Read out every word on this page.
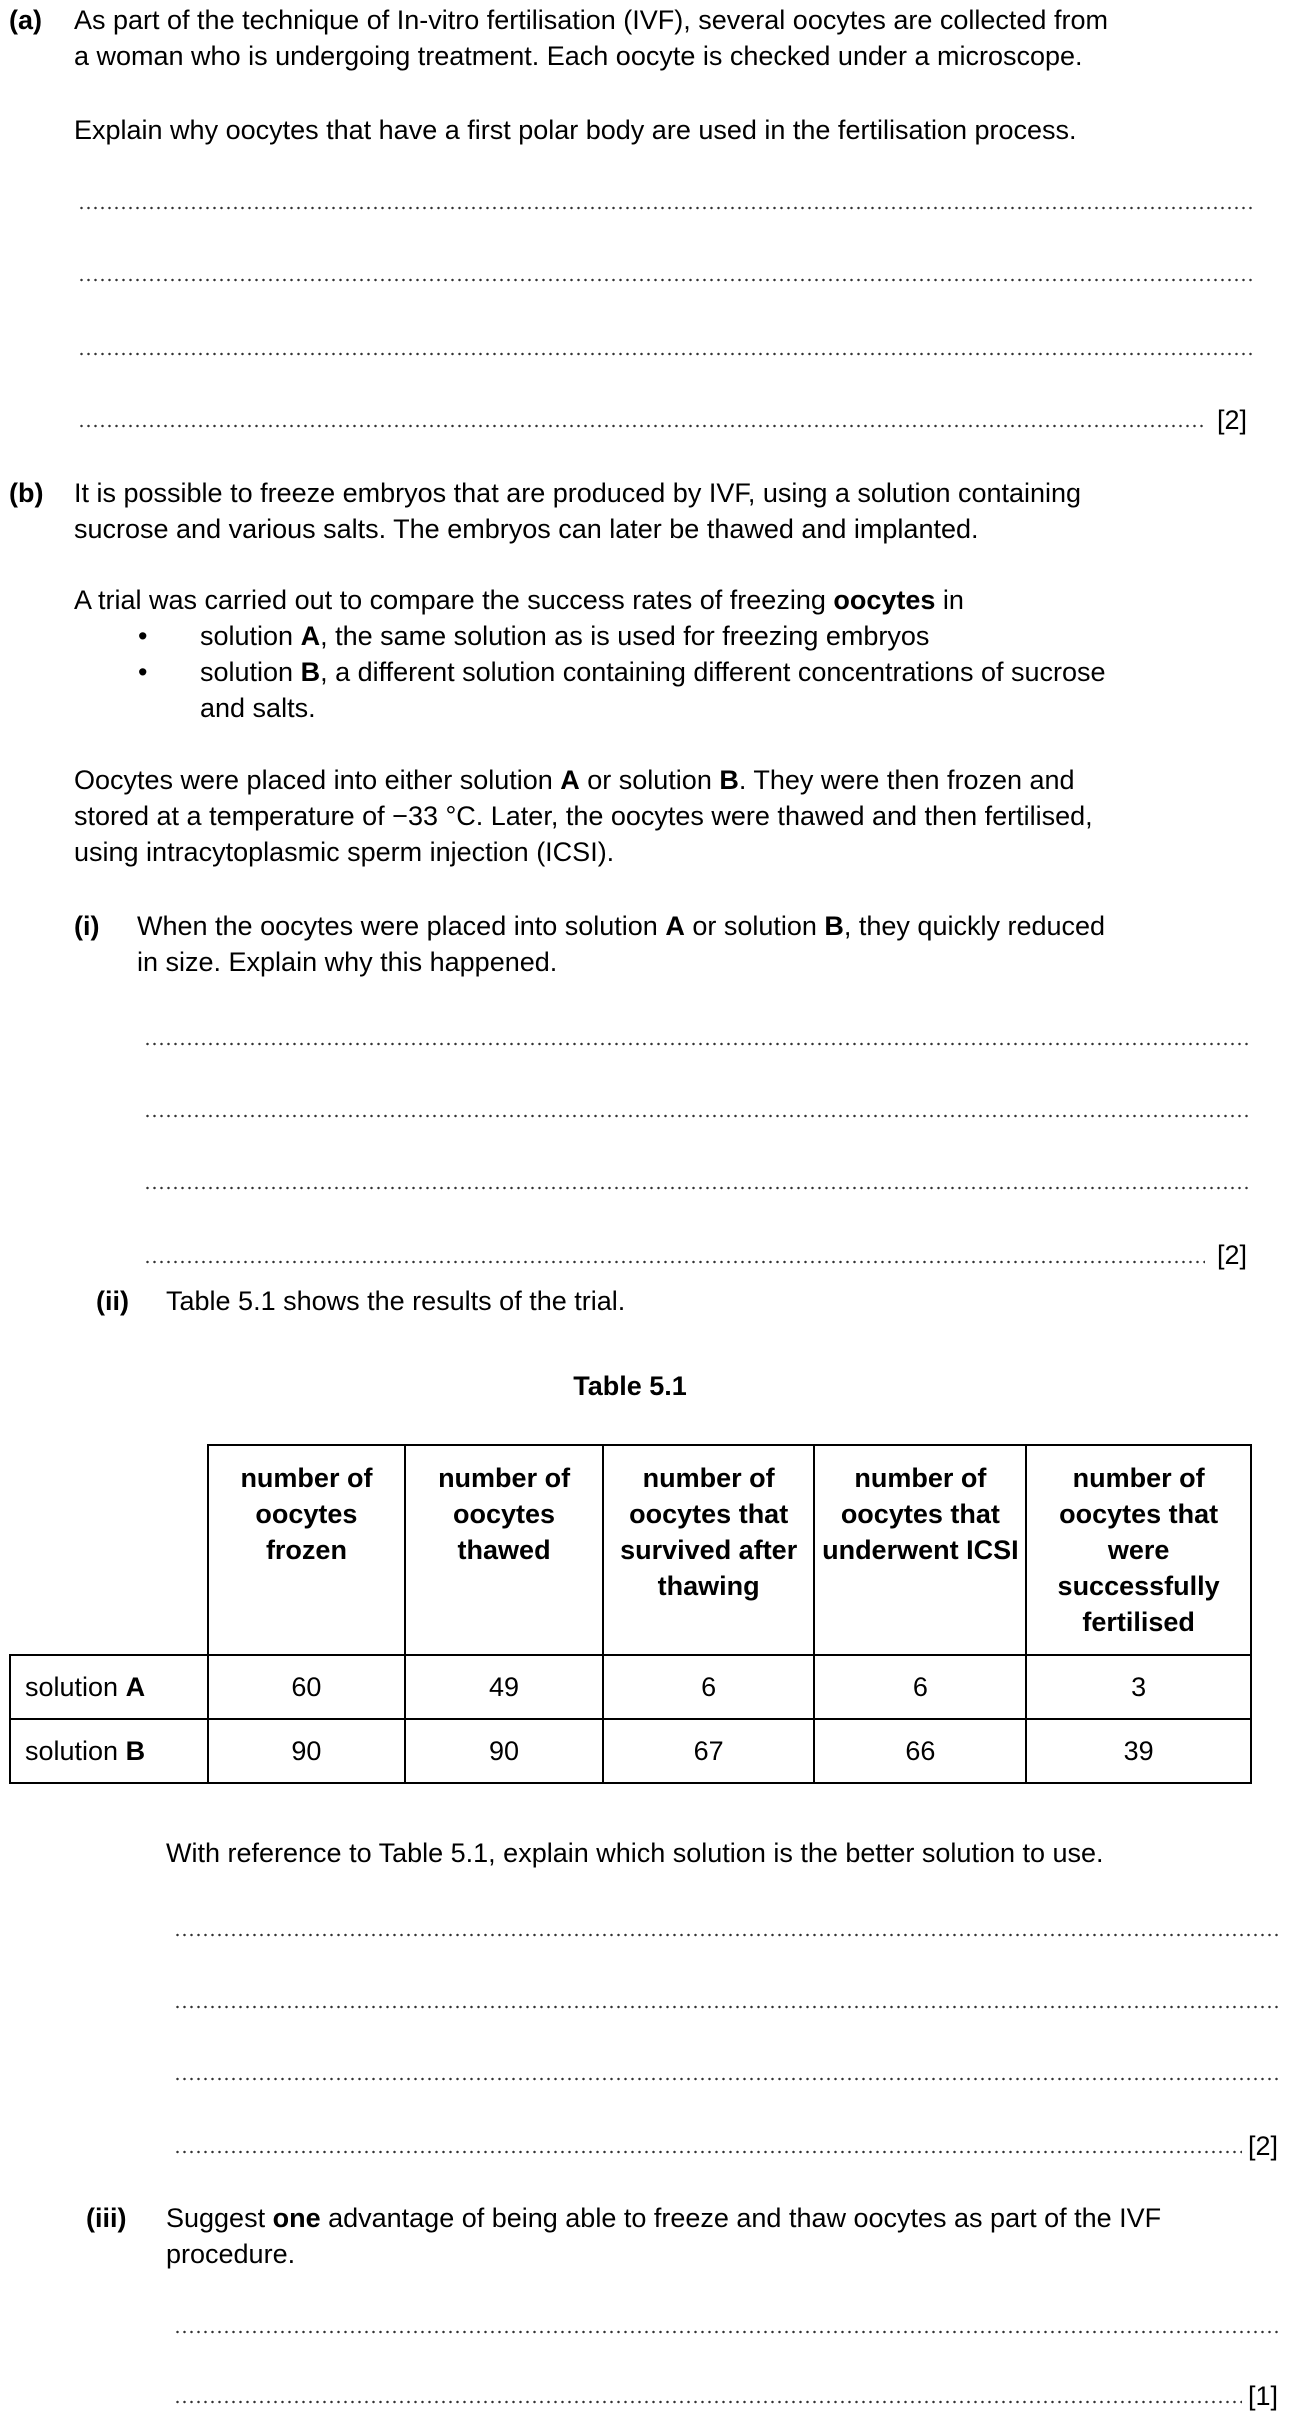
(a) As part of the technique of In-vitro fertilisation (IVF), several oocytes are collected from
a woman who is undergoing treatment. Each oocyte is checked under a microscope.
Explain why oocytes that have a first polar body are used in the fertilisation process.
[2]
(b) It is possible to freeze embryos that are produced by IVF, using a solution containing
sucrose and various salts. The embryos can later be thawed and implanted.
A trial was carried out to compare the success rates of freezing oocytes in
• solution A, the same solution as is used for freezing embryos
• solution B, a different solution containing different concentrations of sucrose
and salts.
Oocytes were placed into either solution A or solution B. They were then frozen and
stored at a temperature of −33 °C. Later, the oocytes were thawed and then fertilised,
using intracytoplasmic sperm injection (ICSI).
(i) When the oocytes were placed into solution A or solution B, they quickly reduced
in size. Explain why this happened.
[2]
(ii) Table 5.1 shows the results of the trial.
Table 5.1
	number of oocytes frozen	number of oocytes thawed	number of oocytes that survived after thawing	number of oocytes that underwent ICSI	number of oocytes that were successfully fertilised
solution A	60	49	6	6	3
solution B	90	90	67	66	39
With reference to Table 5.1, explain which solution is the better solution to use.
[2]
(iii) Suggest one advantage of being able to freeze and thaw oocytes as part of the IVF
procedure.
[1]
